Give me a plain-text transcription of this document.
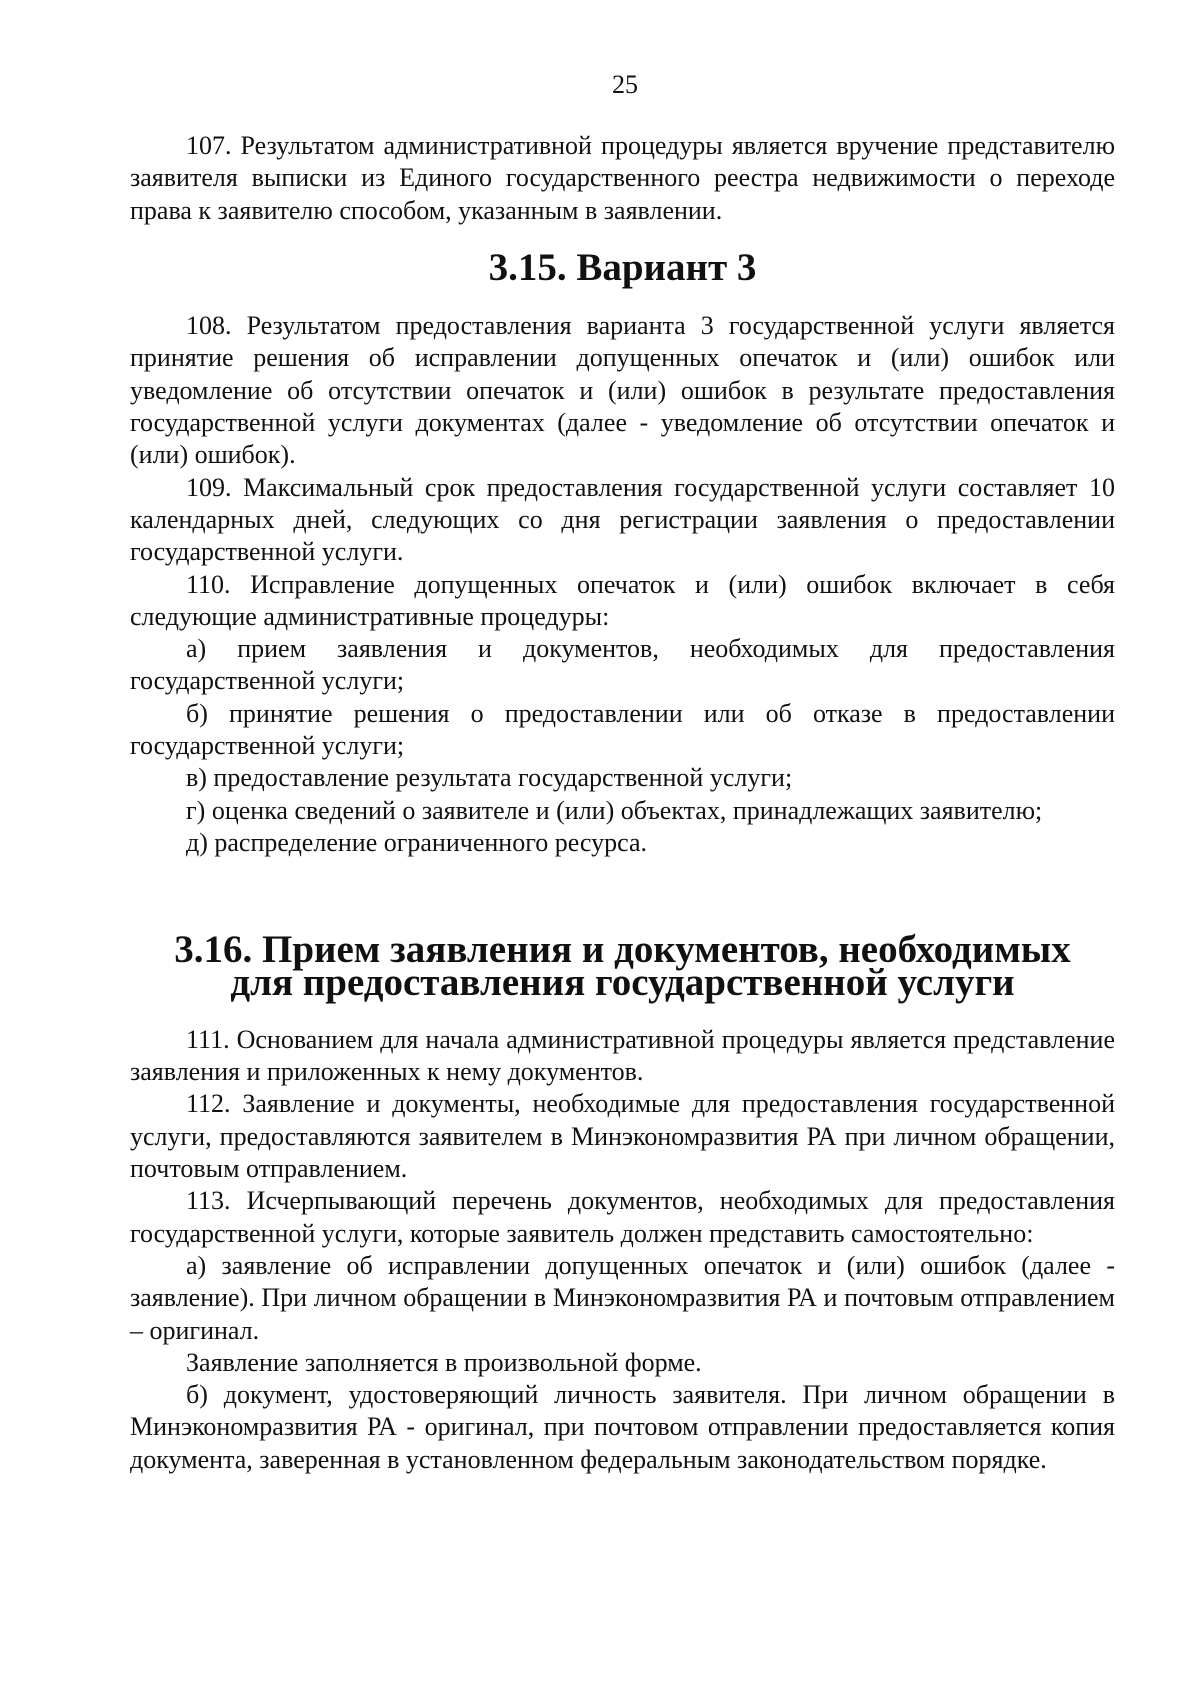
25

107. Результатом административной процедуры является вручение представителю заявителя выписки из Единого государственного реестра недвижимости о переходе права к заявителю способом, указанным в заявлении.

3.15. Вариант 3

108. Результатом предоставления варианта 3 государственной услуги является принятие решения об исправлении допущенных опечаток и (или) ошибок или уведомление об отсутствии опечаток и (или) ошибок в результате предоставления государственной услуги документах (далее - уведомление об отсутствии опечаток и (или) ошибок).

109. Максимальный срок предоставления государственной услуги составляет 10 календарных дней, следующих со дня регистрации заявления о предоставлении государственной услуги.

110. Исправление допущенных опечаток и (или) ошибок включает в себя следующие административные процедуры:

а) прием заявления и документов, необходимых для предоставления государственной услуги;

б) принятие решения о предоставлении или об отказе в предоставлении государственной услуги;

в) предоставление результата государственной услуги;

г) оценка сведений о заявителе и (или) объектах, принадлежащих заявителю;

д) распределение ограниченного ресурса.

3.16. Прием заявления и документов, необходимых
для предоставления государственной услуги

111. Основанием для начала административной процедуры является представление заявления и приложенных к нему документов.

112. Заявление и документы, необходимые для предоставления государственной услуги, предоставляются заявителем в Минэкономразвития РА при личном обращении, почтовым отправлением.

113. Исчерпывающий перечень документов, необходимых для предоставления государственной услуги, которые заявитель должен представить самостоятельно:

а) заявление об исправлении допущенных опечаток и (или) ошибок (далее - заявление). При личном обращении в Минэкономразвития РА и почтовым отправлением – оригинал.

Заявление заполняется в произвольной форме.

б) документ, удостоверяющий личность заявителя. При личном обращении в Минэкономразвития РА - оригинал, при почтовом отправлении предоставляется копия документа, заверенная в установленном федеральным законодательством порядке.
